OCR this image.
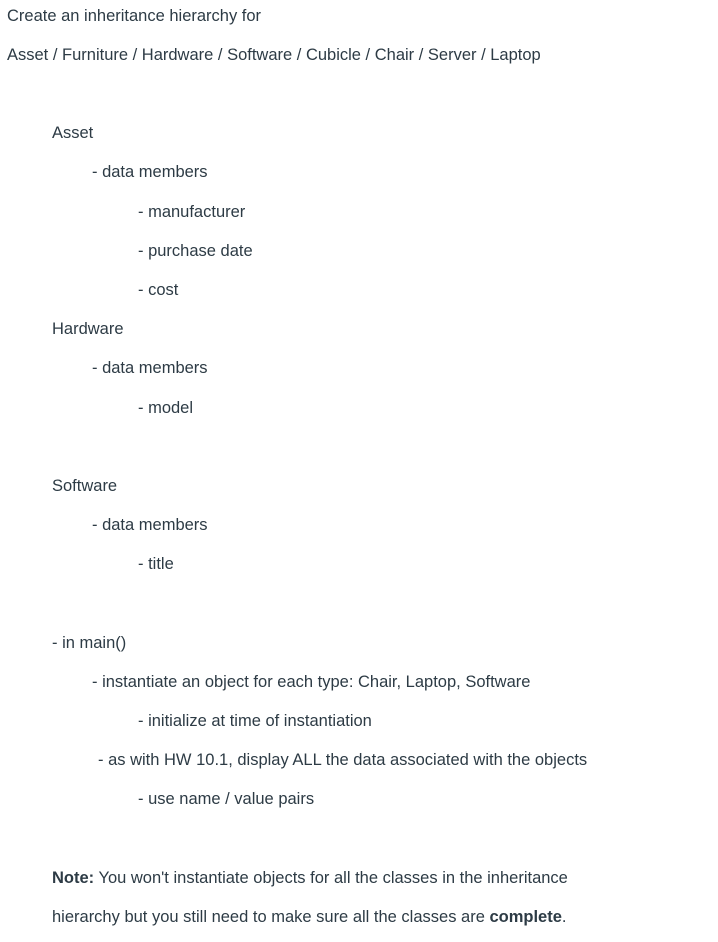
Create an inheritance hierarchy for
Asset / Furniture / Hardware / Software / Cubicle / Chair / Server / Laptop
Asset
- data members
- manufacturer
- purchase date
- cost
Hardware
- data members
- model
Software
- data members
- title
- in main()
- instantiate an object for each type: Chair, Laptop, Software
- initialize at time of instantiation
- as with HW 10.1, display ALL the data associated with the objects
- use name / value pairs
Note: You won't instantiate objects for all the classes in the inheritance
hierarchy but you still need to make sure all the classes are complete.
